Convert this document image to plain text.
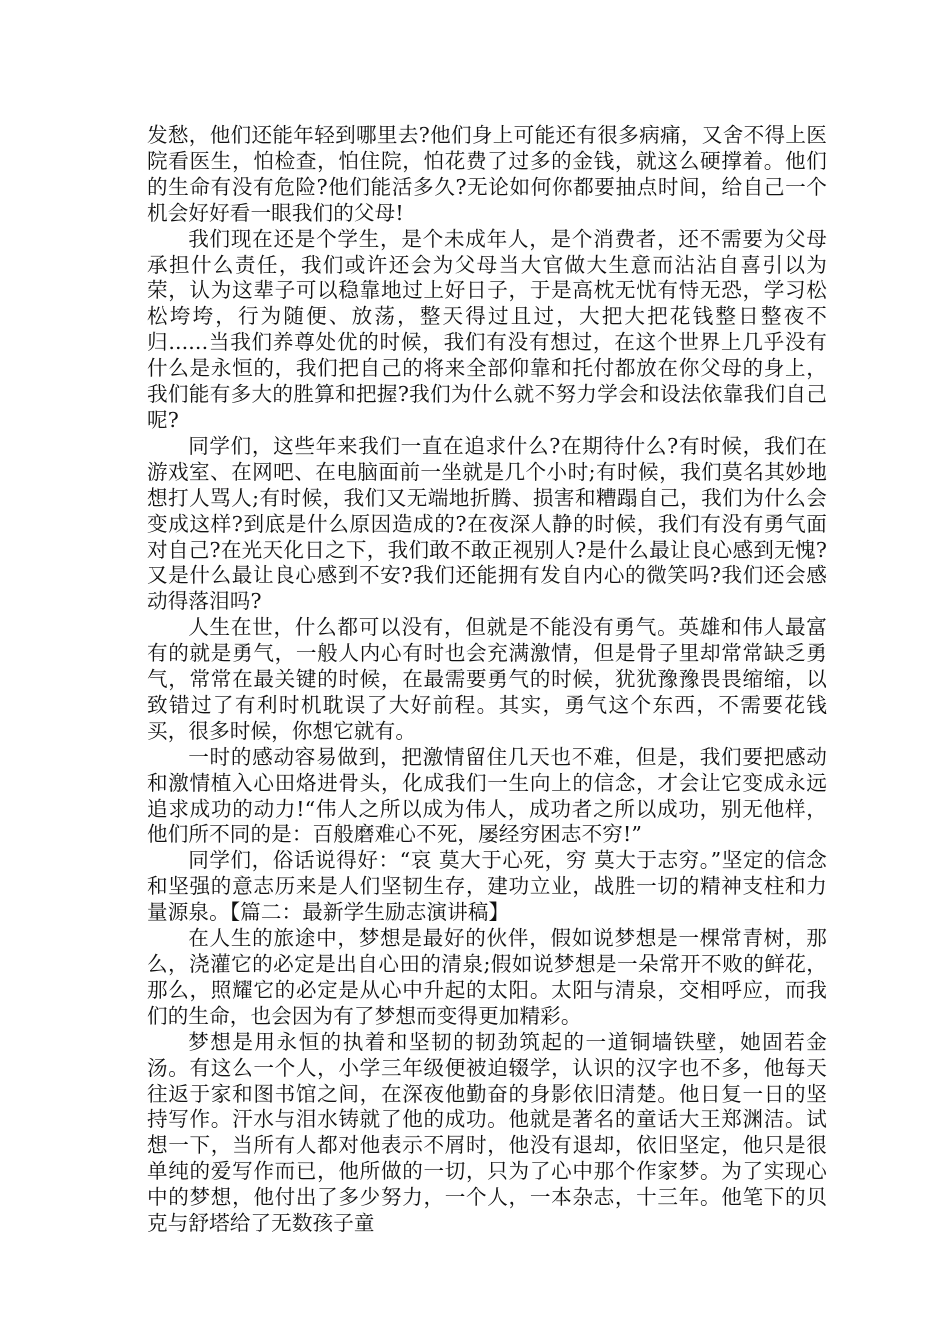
发愁，他们还能年轻到哪里去?他们身上可能还有很多病痛，又舍不得上医院看医生，怕检查，怕住院，怕花费了过多的金钱，就这么硬撑着。他们的生命有没有危险?他们能活多久?无论如何你都要抽点时间，给自己一个机会好好看一眼我们的父母!

我们现在还是个学生，是个未成年人，是个消费者，还不需要为父母承担什么责任，我们或许还会为父母当大官做大生意而沾沾自喜引以为荣，认为这辈子可以稳靠地过上好日子，于是高枕无忧有恃无恐，学习松松垮垮，行为随便、放荡，整天得过且过，大把大把花钱整日整夜不归......当我们养尊处优的时候，我们有没有想过，在这个世界上几乎没有什么是永恒的，我们把自己的将来全部仰靠和托付都放在你父母的身上，我们能有多大的胜算和把握?我们为什么就不努力学会和设法依靠我们自己呢?

同学们，这些年来我们一直在追求什么?在期待什么?有时候，我们在游戏室、在网吧、在电脑面前一坐就是几个小时;有时候，我们莫名其妙地想打人骂人;有时候，我们又无端地折腾、损害和糟蹋自己，我们为什么会变成这样?到底是什么原因造成的?在夜深人静的时候，我们有没有勇气面对自己?在光天化日之下，我们敢不敢正视别人?是什么最让良心感到无愧?又是什么最让良心感到不安?我们还能拥有发自内心的微笑吗?我们还会感动得落泪吗?

人生在世，什么都可以没有，但就是不能没有勇气。英雄和伟人最富有的就是勇气，一般人内心有时也会充满激情，但是骨子里却常常缺乏勇气，常常在最关键的时候，在最需要勇气的时候，犹犹豫豫畏畏缩缩，以致错过了有利时机耽误了大好前程。其实，勇气这个东西，不需要花钱买，很多时候，你想它就有。

一时的感动容易做到，把激情留住几天也不难，但是，我们要把感动和激情植入心田烙进骨头，化成我们一生向上的信念，才会让它变成永远追求成功的动力!“伟人之所以成为伟人，成功者之所以成功，别无他样，他们所不同的是：百般磨难心不死，屡经穷困志不穷!”

同学们，俗话说得好：“哀 莫大于心死，穷 莫大于志穷。”坚定的信念和坚强的意志历来是人们坚韧生存，建功立业，战胜一切的精神支柱和力量源泉。【篇二：最新学生励志演讲稿】

在人生的旅途中，梦想是最好的伙伴，假如说梦想是一棵常青树，那么，浇灌它的必定是出自心田的清泉;假如说梦想是一朵常开不败的鲜花，那么，照耀它的必定是从心中升起的太阳。太阳与清泉，交相呼应，而我们的生命，也会因为有了梦想而变得更加精彩。

梦想是用永恒的执着和坚韧的韧劲筑起的一道铜墙铁壁，她固若金汤。有这么一个人，小学三年级便被迫辍学，认识的汉字也不多，他每天往返于家和图书馆之间，在深夜他勤奋的身影依旧清楚。他日复一日的坚持写作。汗水与泪水铸就了他的成功。他就是著名的童话大王郑渊洁。试想一下，当所有人都对他表示不屑时，他没有退却，依旧坚定，他只是很单纯的爱写作而已，他所做的一切，只为了心中那个作家梦。为了实现心中的梦想，他付出了多少努力，一个人，一本杂志，十三年。他笔下的贝克与舒塔给了无数孩子童
